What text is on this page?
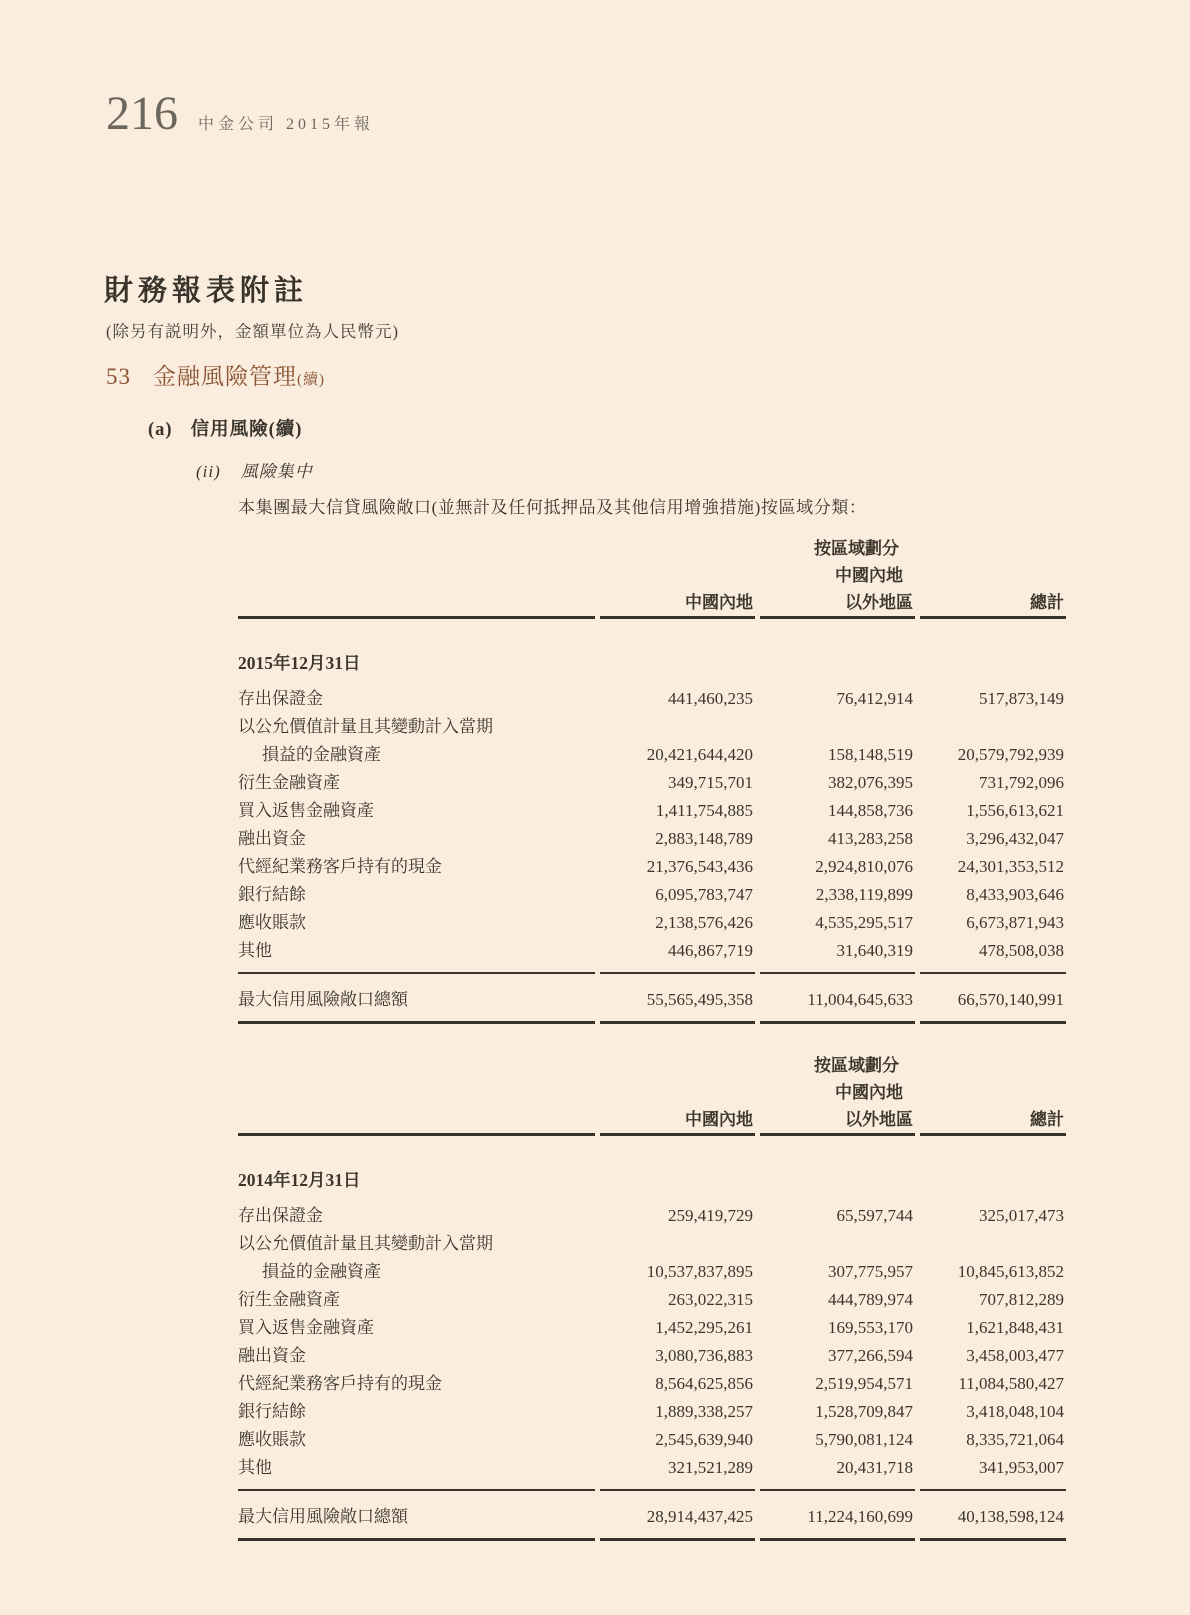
216 中金公司 2015年報
財務報表附註

(除另有説明外，金額單位為人民幣元)

53 金融風險管理(續)
(a) 信用風險(續)
(ii) 風險集中

本集團最大信貸風險敞口(並無計及任何抵押品及其他信用增強措施)按區域分類：

		按區域劃分	
		中國內地	
	中國內地	以外地區	總計
2015年12月31日			
存出保證金	441,460,235	76,412,914	517,873,149
以公允價值計量且其變動計入當期			
損益的金融資產	20,421,644,420	158,148,519	20,579,792,939
衍生金融資產	349,715,701	382,076,395	731,792,096
買入返售金融資產	1,411,754,885	144,858,736	1,556,613,621
融出資金	2,883,148,789	413,283,258	3,296,432,047
代經紀業務客戶持有的現金	21,376,543,436	2,924,810,076	24,301,353,512
銀行結餘	6,095,783,747	2,338,119,899	8,433,903,646
應收賬款	2,138,576,426	4,535,295,517	6,673,871,943
其他	446,867,719	31,640,319	478,508,038
最大信用風險敞口總額	55,565,495,358	11,004,645,633	66,570,140,991
		按區域劃分	
		中國內地	
	中國內地	以外地區	總計
2014年12月31日			
存出保證金	259,419,729	65,597,744	325,017,473
以公允價值計量且其變動計入當期			
損益的金融資產	10,537,837,895	307,775,957	10,845,613,852
衍生金融資產	263,022,315	444,789,974	707,812,289
買入返售金融資產	1,452,295,261	169,553,170	1,621,848,431
融出資金	3,080,736,883	377,266,594	3,458,003,477
代經紀業務客戶持有的現金	8,564,625,856	2,519,954,571	11,084,580,427
銀行結餘	1,889,338,257	1,528,709,847	3,418,048,104
應收賬款	2,545,639,940	5,790,081,124	8,335,721,064
其他	321,521,289	20,431,718	341,953,007
最大信用風險敞口總額	28,914,437,425	11,224,160,699	40,138,598,124
